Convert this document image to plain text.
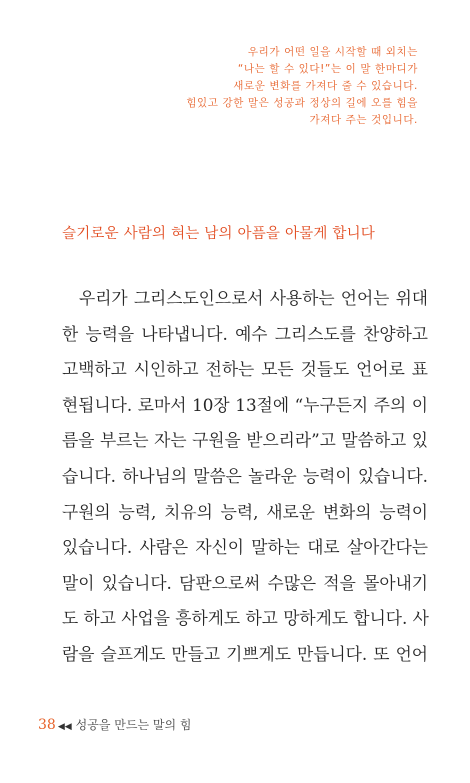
우리가 어떤 일을 시작할 때 외치는
“나는 할 수 있다!”는 이 말 한마디가
새로운 변화를 가져다 줄 수 있습니다.
힘있고 강한 말은 성공과 정상의 길에 오를 힘을
가져다 주는 것입니다.
슬기로운 사람의 혀는 남의 아픔을 아물게 합니다
우리가 그리스도인으로서 사용하는 언어는 위대
한 능력을 나타냅니다. 예수 그리스도를 찬양하고
고백하고 시인하고 전하는 모든 것들도 언어로 표
현됩니다. 로마서 10장 13절에 “누구든지 주의 이
름을 부르는 자는 구원을 받으리라”고 말씀하고 있
습니다. 하나님의 말씀은 놀라운 능력이 있습니다.
구원의 능력, 치유의 능력, 새로운 변화의 능력이
있습니다. 사람은 자신이 말하는 대로 살아간다는
말이 있습니다. 담판으로써 수많은 적을 몰아내기
도 하고 사업을 흥하게도 하고 망하게도 합니다. 사
람을 슬프게도 만들고 기쁘게도 만듭니다. 또 언어
38 ◀◀ 성공을 만드는 말의 힘
